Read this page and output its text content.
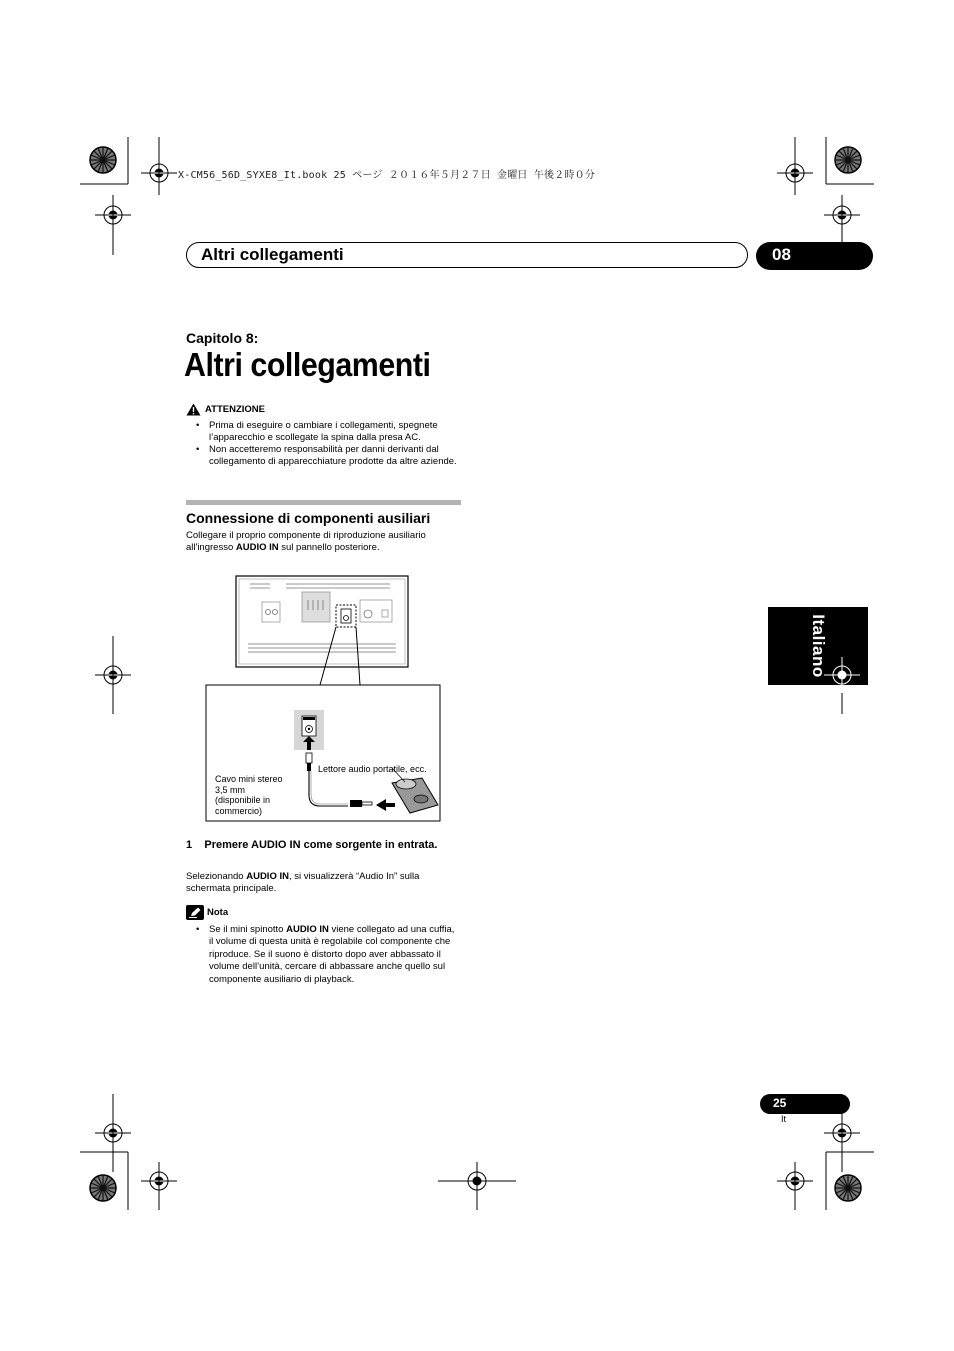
X-CM56_56D_SYXE8_It.book 25 ページ ２０１６年５月２７日 金曜日 午後２時０分
Altri collegamenti	08
Capitolo 8:
Altri collegamenti
ATTENZIONE
• Prima di eseguire o cambiare i collegamenti, spegnete l’apparecchio e scollegate la spina dalla presa AC.
• Non accetteremo responsabilità per danni derivanti dal collegamento di apparecchiature prodotte da altre aziende.
Connessione di componenti ausiliari
Collegare il proprio componente di riproduzione ausiliario all'ingresso AUDIO IN sul pannello posteriore.
Lettore audio portatile, ecc.
Cavo mini stereo
3,5 mm
(disponibile in
commercio)
1 Premere AUDIO IN come sorgente in entrata.
Selezionando AUDIO IN, si visualizzerà “Audio In” sulla schermata principale.
Nota
• Se il mini spinotto AUDIO IN viene collegato ad una cuffia, il volume di questa unità è regolabile col componente che riproduce. Se il suono è distorto dopo aver abbassato il volume dell’unità, cercare di abbassare anche quello sul componente ausiliario di playback.
Italiano
25
It
